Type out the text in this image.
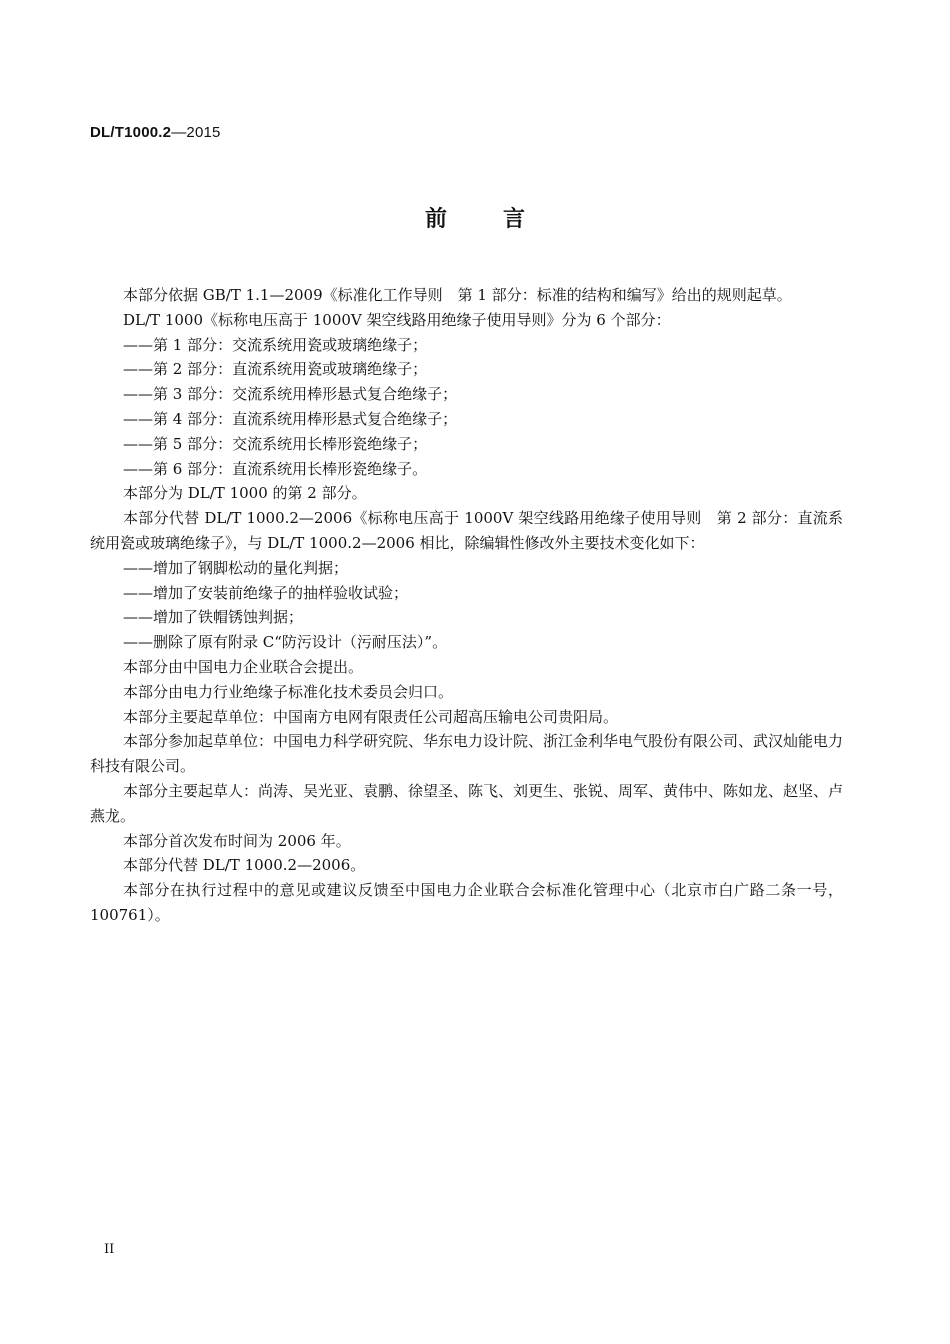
DL/T1000.2—2015
前	言

本部分依据 GB/T 1.1—2009《标准化工作导则　第 1 部分：标准的结构和编写》给出的规则起草。

DL/T 1000《标称电压高于 1000V 架空线路用绝缘子使用导则》分为 6 个部分：

——第 1 部分：交流系统用瓷或玻璃绝缘子；

——第 2 部分：直流系统用瓷或玻璃绝缘子；

——第 3 部分：交流系统用棒形悬式复合绝缘子；

——第 4 部分：直流系统用棒形悬式复合绝缘子；

——第 5 部分：交流系统用长棒形瓷绝缘子；

——第 6 部分：直流系统用长棒形瓷绝缘子。

本部分为 DL/T 1000 的第 2 部分。

本部分代替 DL/T 1000.2—2006《标称电压高于 1000V 架空线路用绝缘子使用导则　第 2 部分：直流系统用瓷或玻璃绝缘子》，与 DL/T 1000.2—2006 相比，除编辑性修改外主要技术变化如下：

——增加了钢脚松动的量化判据；

——增加了安装前绝缘子的抽样验收试验；

——增加了铁帽锈蚀判据；

——删除了原有附录 C“防污设计（污耐压法）”。

本部分由中国电力企业联合会提出。

本部分由电力行业绝缘子标准化技术委员会归口。

本部分主要起草单位：中国南方电网有限责任公司超高压输电公司贵阳局。

本部分参加起草单位：中国电力科学研究院、华东电力设计院、浙江金利华电气股份有限公司、武汉灿能电力科技有限公司。

本部分主要起草人：尚涛、吴光亚、袁鹏、徐望圣、陈飞、刘更生、张锐、周军、黄伟中、陈如龙、赵坚、卢燕龙。

本部分首次发布时间为 2006 年。

本部分代替 DL/T 1000.2—2006。

本部分在执行过程中的意见或建议反馈至中国电力企业联合会标准化管理中心（北京市白广路二条一号，100761）。

II
